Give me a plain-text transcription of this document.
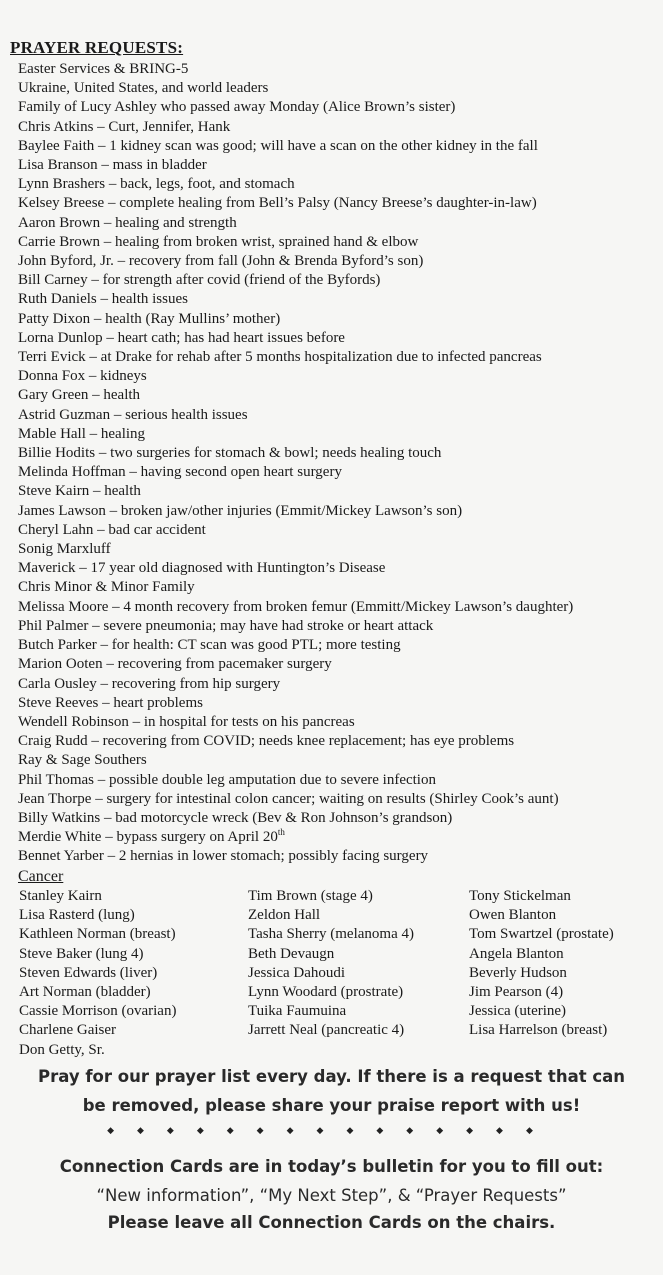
PRAYER REQUESTS:
Easter Services & BRING-5
Ukraine, United States, and world leaders
Family of Lucy Ashley who passed away Monday (Alice Brown’s sister)
Chris Atkins – Curt, Jennifer, Hank
Baylee Faith – 1 kidney scan was good; will have a scan on the other kidney in the fall
Lisa Branson – mass in bladder
Lynn Brashers – back, legs, foot, and stomach
Kelsey Breese – complete healing from Bell’s Palsy (Nancy Breese’s daughter-in-law)
Aaron Brown – healing and strength
Carrie Brown – healing from broken wrist, sprained hand & elbow
John Byford, Jr. – recovery from fall (John & Brenda Byford’s son)
Bill Carney – for strength after covid (friend of the Byfords)
Ruth Daniels – health issues
Patty Dixon – health (Ray Mullins’ mother)
Lorna Dunlop – heart cath; has had heart issues before
Terri Evick – at Drake for rehab after 5 months hospitalization due to infected pancreas
Donna Fox – kidneys
Gary Green – health
Astrid Guzman – serious health issues
Mable Hall – healing
Billie Hodits – two surgeries for stomach & bowl; needs healing touch
Melinda Hoffman – having second open heart surgery
Steve Kairn – health
James Lawson – broken jaw/other injuries (Emmit/Mickey Lawson’s son)
Cheryl Lahn – bad car accident
Sonig Marxluff
Maverick – 17 year old diagnosed with Huntington’s Disease
Chris Minor & Minor Family
Melissa Moore – 4 month recovery from broken femur (Emmitt/Mickey Lawson’s daughter)
Phil Palmer – severe pneumonia; may have had stroke or heart attack
Butch Parker – for health: CT scan was good PTL; more testing
Marion Ooten – recovering from pacemaker surgery
Carla Ousley – recovering from hip surgery
Steve Reeves – heart problems
Wendell Robinson – in hospital for tests on his pancreas
Craig Rudd – recovering from COVID; needs knee replacement; has eye problems
Ray & Sage Southers
Phil Thomas – possible double leg amputation due to severe infection
Jean Thorpe – surgery for intestinal colon cancer; waiting on results (Shirley Cook’s aunt)
Billy Watkins – bad motorcycle wreck (Bev & Ron Johnson’s grandson)
Merdie White – bypass surgery on April 20th
Bennet Yarber – 2 hernias in lower stomach; possibly facing surgery
Cancer
Stanley Kairn
Lisa Rasterd (lung)
Kathleen Norman (breast)
Steve Baker (lung 4)
Steven Edwards (liver)
Art Norman (bladder)
Cassie Morrison (ovarian)
Charlene Gaiser
Don Getty, Sr.
Tim Brown (stage 4)
Zeldon Hall
Tasha Sherry (melanoma 4)
Beth Devaugn
Jessica Dahoudi
Lynn Woodard (prostrate)
Tuika Faumuina
Jarrett Neal (pancreatic 4)
Tony Stickelman
Owen Blanton
Tom Swartzel (prostate)
Angela Blanton
Beverly Hudson
Jim Pearson (4)
Jessica (uterine)
Lisa Harrelson (breast)
Pray for our prayer list every day. If there is a request that can
be removed, please share your praise report with us!
◆◆◆◆◆◆◆◆◆◆◆◆◆◆◆
Connection Cards are in today’s bulletin for you to fill out:
“New information”, “My Next Step”, & “Prayer Requests”
Please leave all Connection Cards on the chairs.
